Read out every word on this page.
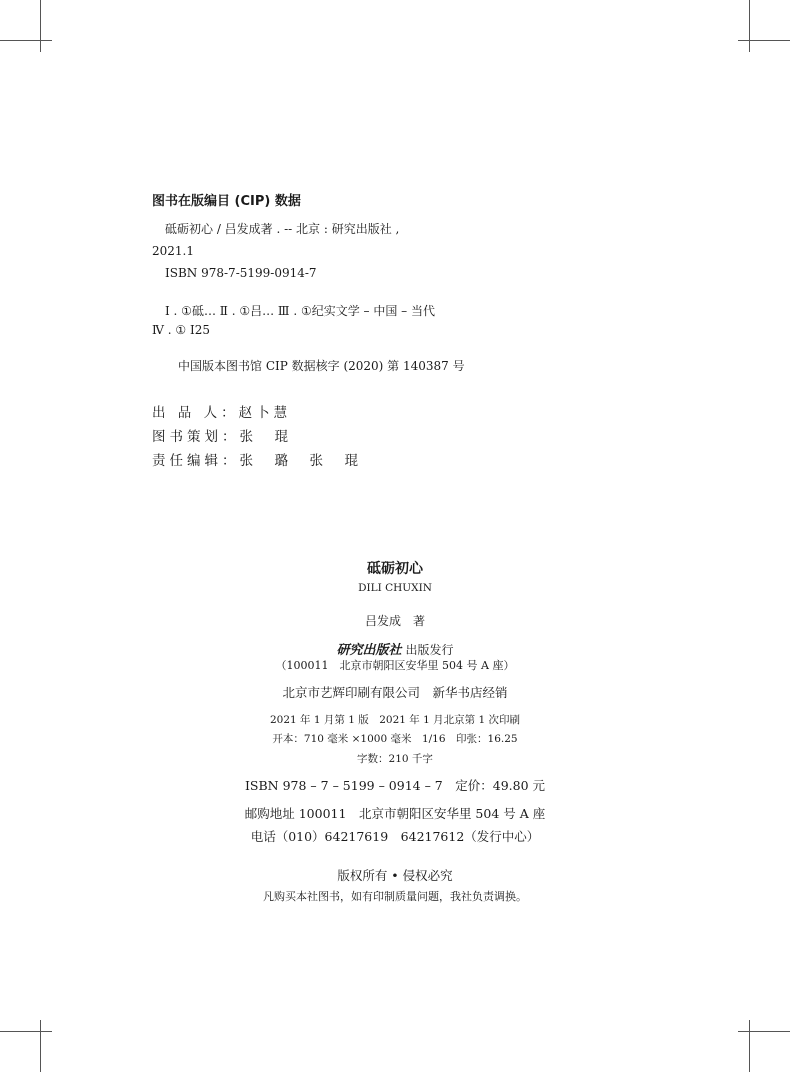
图书在版编目 (CIP) 数据
砥砺初心 / 吕发成著 . -- 北京 : 研究出版社 ,
2021.1
ISBN 978-7-5199-0914-7
Ⅰ . ①砥… Ⅱ . ①吕… Ⅲ . ①纪实文学 – 中国 – 当代
Ⅳ . ① I25
中国版本图书馆 CIP 数据核字 (2020) 第 140387 号
出 品 人：赵卜慧
图书策划：张　琨
责任编辑：张　璐　张　琨
砥砺初心
DILI CHUXIN
吕发成　著
研究出版社 出版发行
（100011　北京市朝阳区安华里 504 号 A 座）
北京市艺辉印刷有限公司　新华书店经销
2021 年 1 月第 1 版　2021 年 1 月北京第 1 次印刷
开本：710 毫米 ×1000 毫米　1/16　印张：16.25
字数：210 千字
ISBN 978 – 7 – 5199 – 0914 – 7　定价：49.80 元
邮购地址 100011　北京市朝阳区安华里 504 号 A 座
电话（010）64217619　64217612（发行中心）
版权所有 • 侵权必究
凡购买本社图书，如有印制质量问题，我社负责调换。
